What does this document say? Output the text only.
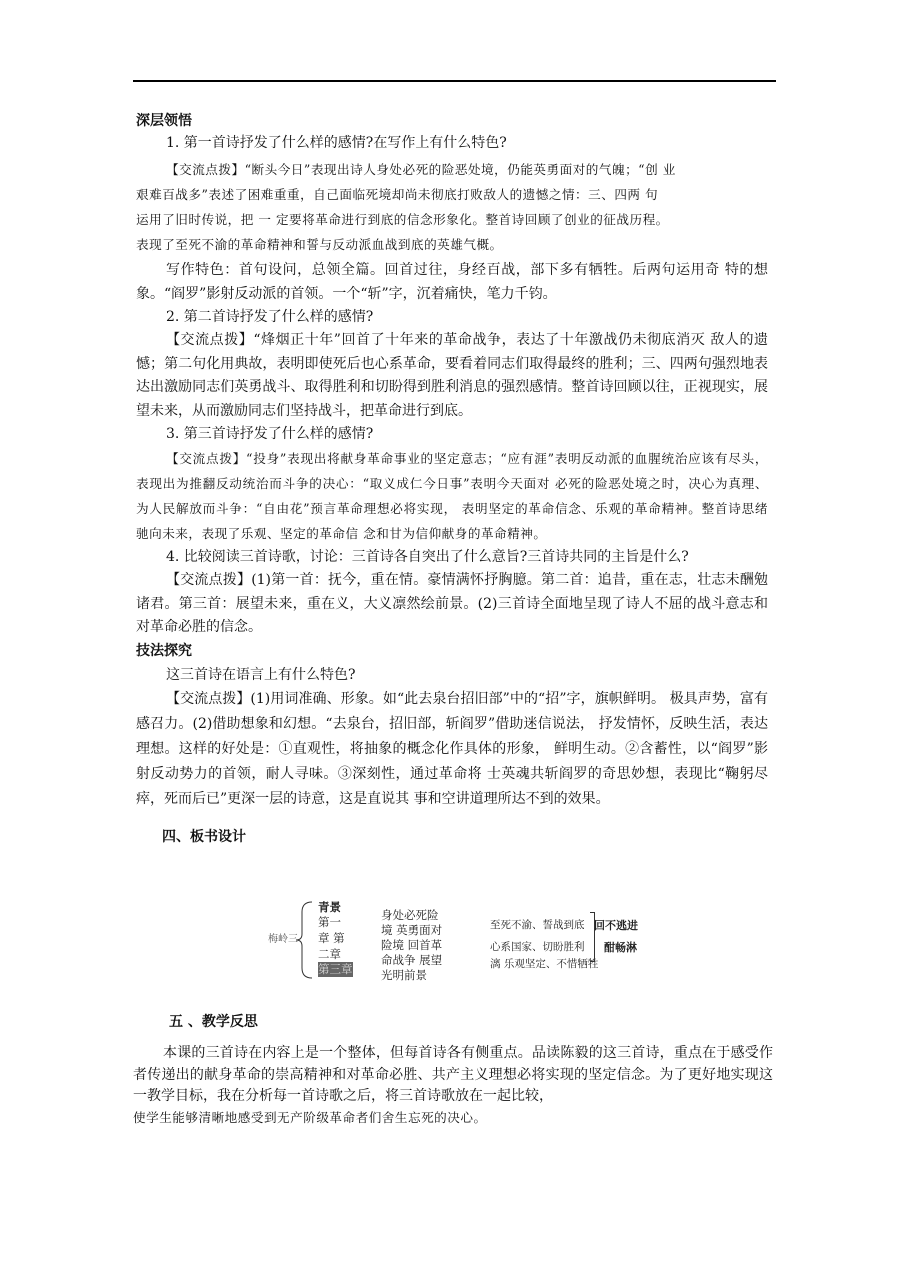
深层领悟
1. 第一首诗抒发了什么样的感情?在写作上有什么特色?
【交流点拨】“断头今日”表现出诗人身处必死的险恶处境，仍能英勇面对的气魄；“创 业
艰难百战多”表述了困难重重，自己面临死境却尚未彻底打败敌人的遗憾之情：三、四两 句
运用了旧时传说，把 一 定要将革命进行到底的信念形象化。整首诗回顾了创业的征战历程。
表现了至死不渝的革命精神和誓与反动派血战到底的英雄气概。
写作特色：首句设问，总领全篇。回首过往，身经百战，部下多有牺牲。后两句运用奇 特的想象。“阎罗”影射反动派的首领。一个“斩”字，沉着痛快，笔力千钧。
2. 第二首诗抒发了什么样的感情?
【交流点拨】“烽烟正十年”回首了十年来的革命战争，表达了十年激战仍未彻底消灭 敌人的遗憾；第二句化用典故，表明即使死后也心系革命，要看着同志们取得最终的胜利；三、四两句强烈地表达出激励同志们英勇战斗、取得胜利和切盼得到胜利消息的强烈感情。整首诗回顾以往，正视现实，展望未来，从而激励同志们坚持战斗，把革命进行到底。
3. 第三首诗抒发了什么样的感情?
【交流点拨】“投身”表现出将献身革命事业的坚定意志；“应有涯”表明反动派的血腥统治应该有尽头，表现出为推翻反动统治而斗争的决心：“取义成仁今日事”表明今天面对 必死的险恶处境之时，决心为真理、为人民解放而斗争：“自由花”预言革命理想必将实现， 表明坚定的革命信念、乐观的革命精神。整首诗思绪驰向未来，表现了乐观、坚定的革命信 念和甘为信仰献身的革命精神。
4. 比较阅读三首诗歌，讨论：三首诗各自突出了什么意旨?三首诗共同的主旨是什么?
【交流点拨】(1)第一首：抚今，重在情。豪情满怀抒胸臆。第二首：追昔，重在志，壮志未酬勉诸君。第三首：展望未来，重在义，大义凛然绘前景。(2)三首诗全面地呈现了诗人不屈的战斗意志和对革命必胜的信念。
技法探究
这三首诗在语言上有什么特色?
【交流点拨】(1)用词准确、形象。如“此去泉台招旧部”中的“招”字，旗帜鲜明。 极具声势，富有感召力。(2)借助想象和幻想。“去泉台，招旧部，斩阎罗”借助迷信说法， 抒发情怀，反映生活，表达理想。这样的好处是：①直观性，将抽象的概念化作具体的形象， 鲜明生动。②含蓄性，以“阎罗”影射反动势力的首领，耐人寻味。③深刻性，通过革命将 士英魂共斩阎罗的奇思妙想，表现比“鞠躬尽瘁，死而后已”更深一层的诗意，这是直说其 事和空讲道理所达不到的效果。
四、板书设计
梅岭三
青景
第一
章 第
二章
第三章
身处必死险
境 英勇面对
险境 回首革
命战争 展望
光明前景
至死不渝、誓战到底 回不逃进
心系国家、切盼胜利 酣畅淋
漓 乐观坚定、不惜牺牲
五 、教学反思
本课的三首诗在内容上是一个整体，但每首诗各有侧重点。品读陈毅的这三首诗，重点在于感受作者传递出的献身革命的崇高精神和对革命必胜、共产主义理想必将实现的坚定信念。为了更好地实现这一教学目标，我在分析每一首诗歌之后，将三首诗歌放在一起比较，
使学生能够清晰地感受到无产阶级革命者们舍生忘死的决心。
